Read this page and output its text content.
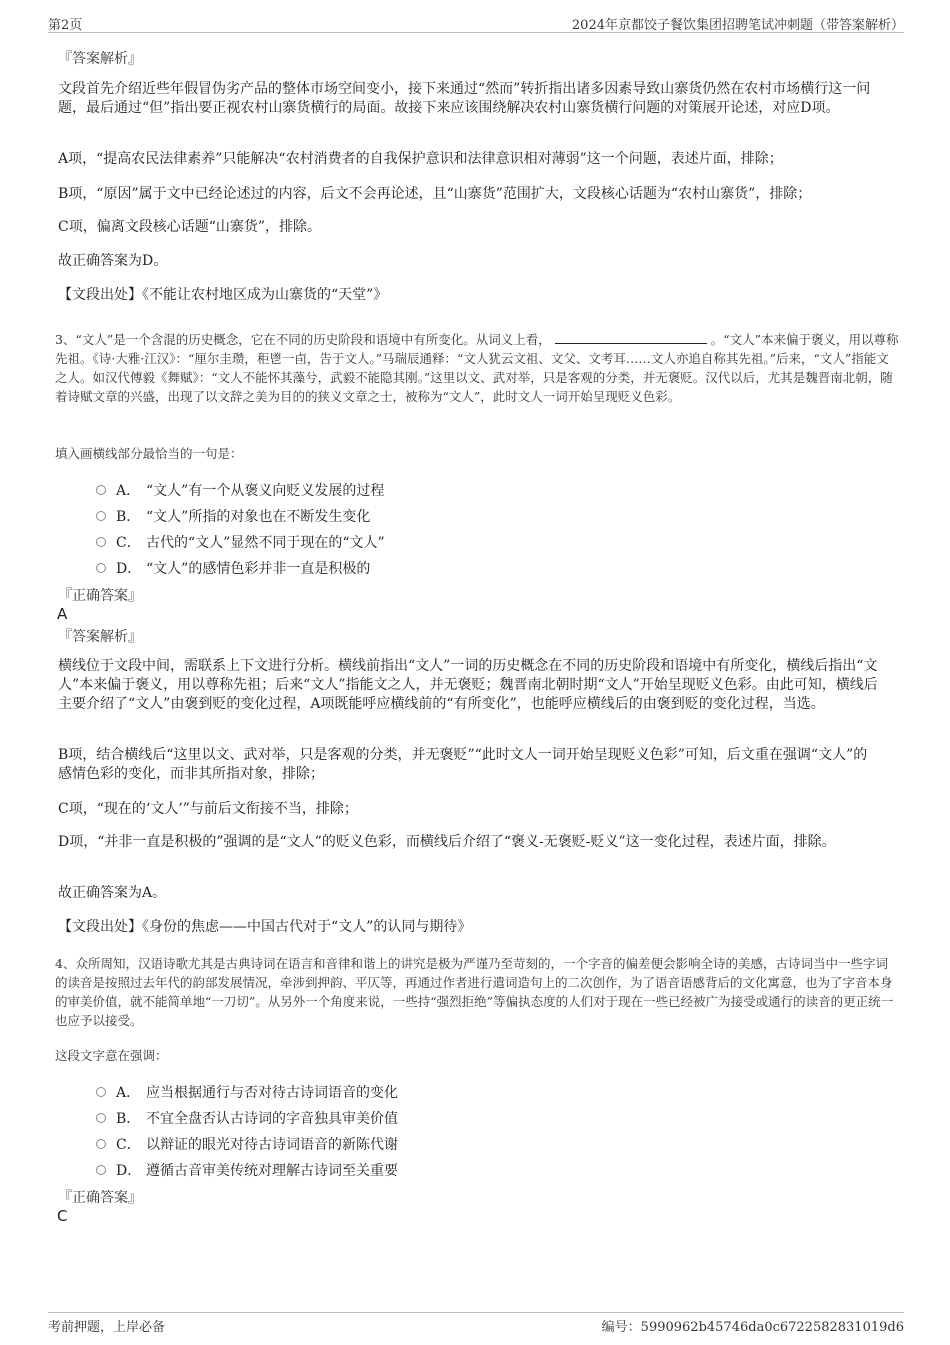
第2页	2024年京都饺子餐饮集团招聘笔试冲刺题（带答案解析）
『答案解析』
文段首先介绍近些年假冒伪劣产品的整体市场空间变小，接下来通过“然而”转折指出诸多因素导致山寨货仍然在农村市场横行这一问题，最后通过“但”指出要正视农村山寨货横行的局面。故接下来应该围绕解决农村山寨货横行问题的对策展开论述，对应D项。
A项，“提高农民法律素养”只能解决“农村消费者的自我保护意识和法律意识相对薄弱”这一个问题，表述片面，排除；
B项，“原因”属于文中已经论述过的内容，后文不会再论述，且“山寨货”范围扩大，文段核心话题为“农村山寨货”，排除；
C项，偏离文段核心话题“山寨货”，排除。
故正确答案为D。
【文段出处】《不能让农村地区成为山寨货的“天堂”》
3、“文人”是一个含混的历史概念，它在不同的历史阶段和语境中有所变化。从词义上看，	。“文人”本来偏于褒义，用以尊称先祖。《诗·大雅·江汉》：“厘尔圭瓒，秬鬯一卣，告于文人。”马瑞辰通释：“文人犹云文祖、文父、文考耳……文人亦追自称其先祖。”后来，“文人”指能文之人。如汉代傅毅《舞赋》：“文人不能怀其藻兮，武毅不能隐其刚。”这里以文、武对举，只是客观的分类，并无褒贬。汉代以后，尤其是魏晋南北朝，随着诗赋文章的兴盛，出现了以文辞之美为目的的狭义文章之士，被称为“文人”，此时文人一词开始呈现贬义色彩。
填入画横线部分最恰当的一句是：
A． “文人”有一个从褒义向贬义发展的过程
B． “文人”所指的对象也在不断发生变化
C． 古代的“文人”显然不同于现在的“文人”
D． “文人”的感情色彩并非一直是积极的
『正确答案』
A
『答案解析』
横线位于文段中间，需联系上下文进行分析。横线前指出“文人”一词的历史概念在不同的历史阶段和语境中有所变化，横线后指出“文人”本来偏于褒义，用以尊称先祖；后来“文人”指能文之人，并无褒贬；魏晋南北朝时期“文人”开始呈现贬义色彩。由此可知，横线后主要介绍了“文人”由褒到贬的变化过程，A项既能呼应横线前的“有所变化”，也能呼应横线后的由褒到贬的变化过程，当选。
B项，结合横线后“这里以文、武对举，只是客观的分类，并无褒贬”“此时文人一词开始呈现贬义色彩”可知，后文重在强调“文人”的感情色彩的变化，而非其所指对象，排除；
C项，“现在的‘文人’”与前后文衔接不当，排除；
D项，“并非一直是积极的”强调的是“文人”的贬义色彩，而横线后介绍了“褒义-无褒贬-贬义”这一变化过程，表述片面，排除。
故正确答案为A。
【文段出处】《身份的焦虑——中国古代对于“文人”的认同与期待》
4、众所周知，汉语诗歌尤其是古典诗词在语言和音律和谐上的讲究是极为严谨乃至苛刻的，一个字音的偏差便会影响全诗的美感，古诗词当中一些字词的读音是按照过去年代的韵部发展情况，牵涉到押韵、平仄等，再通过作者进行遣词造句上的二次创作，为了语音语感背后的文化寓意，也为了字音本身的审美价值，就不能简单地“一刀切”。从另外一个角度来说，一些持“强烈拒绝”等偏执态度的人们对于现在一些已经被广为接受或通行的读音的更正统一也应予以接受。
这段文字意在强调：
A． 应当根据通行与否对待古诗词语音的变化
B． 不宜全盘否认古诗词的字音独具审美价值
C． 以辩证的眼光对待古诗词语音的新陈代谢
D． 遵循古音审美传统对理解古诗词至关重要
『正确答案』
C
考前押题，上岸必备	编号：5990962b45746da0c6722582831019d6
